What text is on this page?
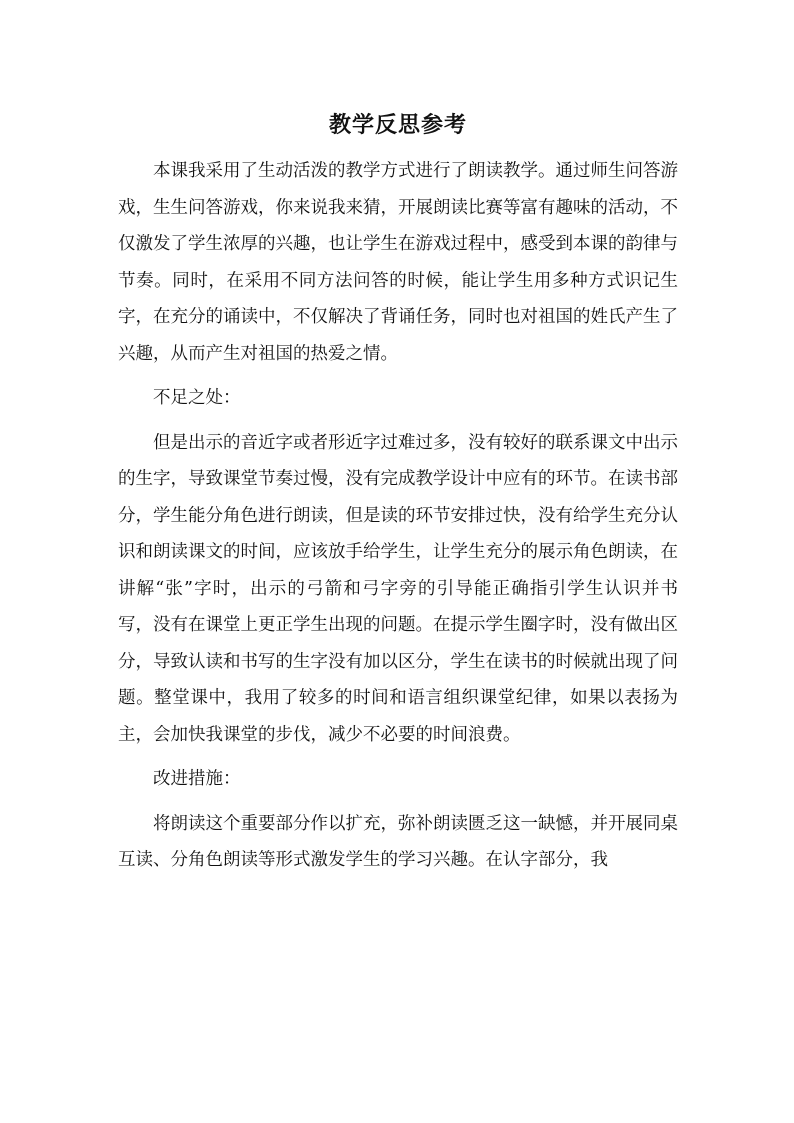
教学反思参考

本课我采用了生动活泼的教学方式进行了朗读教学。通过师生问答游戏，生生问答游戏，你来说我来猜，开展朗读比赛等富有趣味的活动，不仅激发了学生浓厚的兴趣，也让学生在游戏过程中，感受到本课的韵律与节奏。同时，在采用不同方法问答的时候，能让学生用多种方式识记生字，在充分的诵读中，不仅解决了背诵任务，同时也对祖国的姓氏产生了兴趣，从而产生对祖国的热爱之情。

不足之处：

但是出示的音近字或者形近字过难过多，没有较好的联系课文中出示的生字，导致课堂节奏过慢，没有完成教学设计中应有的环节。在读书部分，学生能分角色进行朗读，但是读的环节安排过快，没有给学生充分认识和朗读课文的时间，应该放手给学生，让学生充分的展示角色朗读，在讲解“张”字时，出示的弓箭和弓字旁的引导能正确指引学生认识并书写，没有在课堂上更正学生出现的问题。在提示学生圈字时，没有做出区分，导致认读和书写的生字没有加以区分，学生在读书的时候就出现了问题。整堂课中，我用了较多的时间和语言组织课堂纪律，如果以表扬为主，会加快我课堂的步伐，减少不必要的时间浪费。

改进措施：

将朗读这个重要部分作以扩充，弥补朗读匮乏这一缺憾，并开展同桌互读、分角色朗读等形式激发学生的学习兴趣。在认字部分，我
